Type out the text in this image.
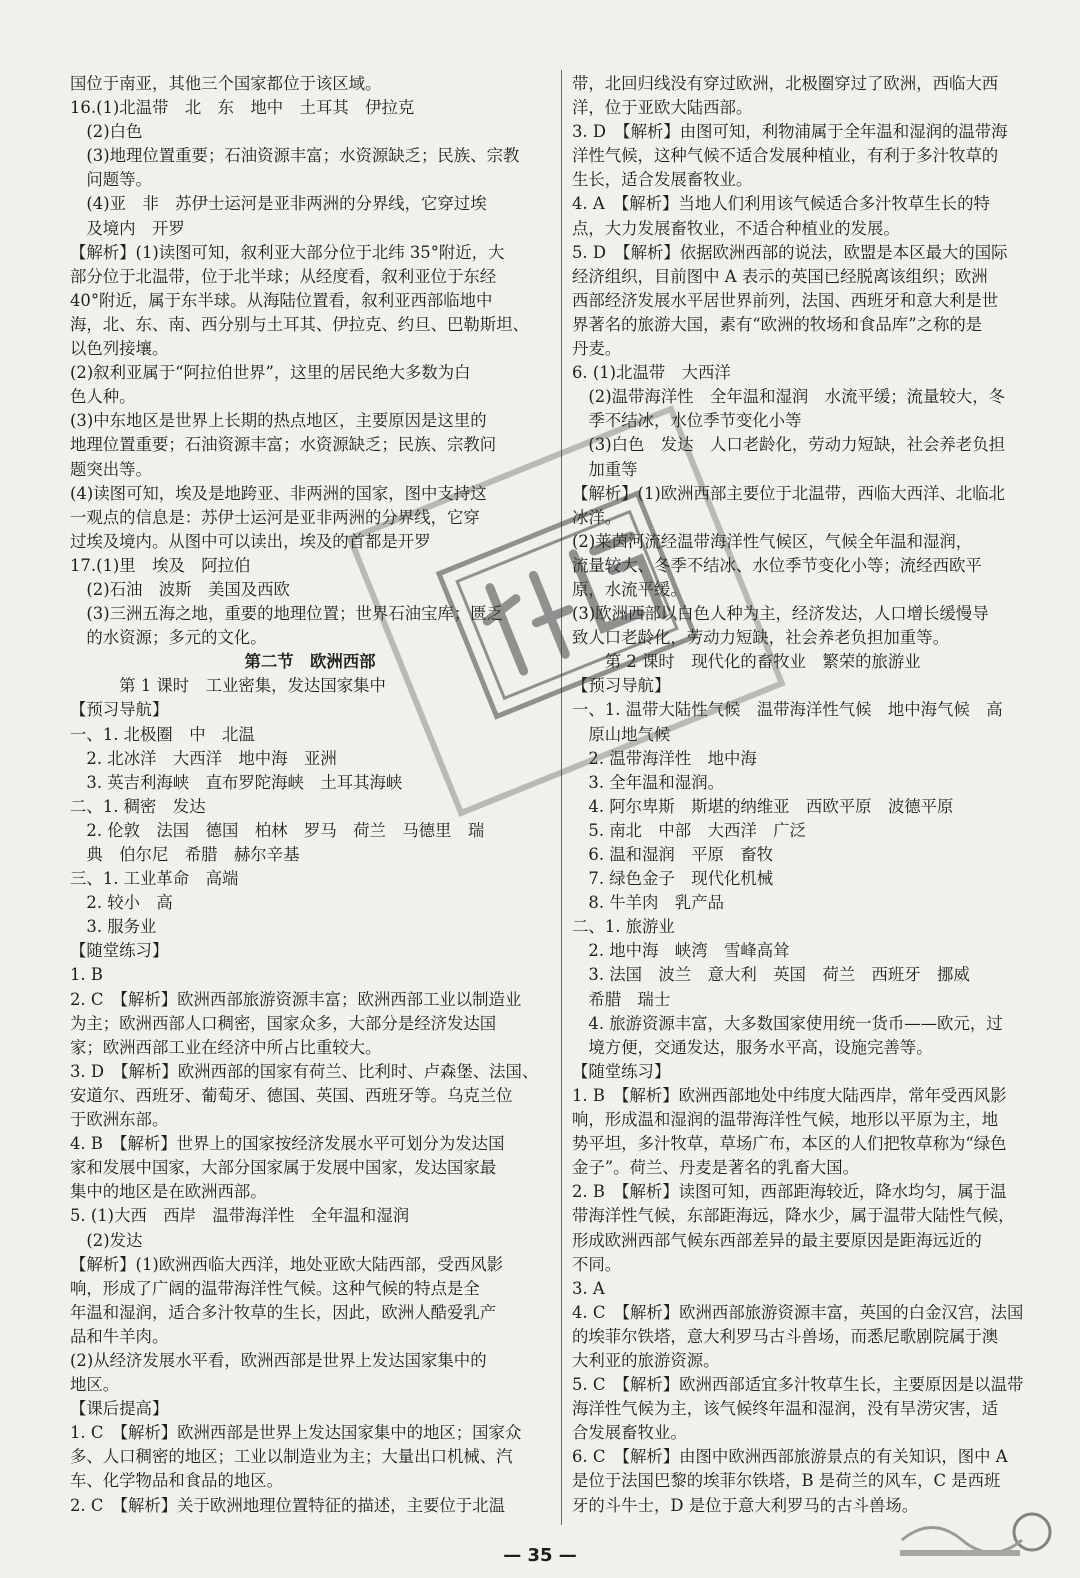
国位于南亚，其他三个国家都位于该区域。
16.(1)北温带　北　东　地中　土耳其　伊拉克
　(2)白色
　(3)地理位置重要；石油资源丰富；水资源缺乏；民族、宗教
　问题等。
　(4)亚　非　苏伊士运河是亚非两洲的分界线，它穿过埃
　及境内　开罗
【解析】(1)读图可知，叙利亚大部分位于北纬 35°附近，大
部分位于北温带，位于北半球；从经度看，叙利亚位于东经
40°附近，属于东半球。从海陆位置看，叙利亚西部临地中
海，北、东、南、西分别与土耳其、伊拉克、约旦、巴勒斯坦、
以色列接壤。
(2)叙利亚属于“阿拉伯世界”，这里的居民绝大多数为白
色人种。
(3)中东地区是世界上长期的热点地区，主要原因是这里的
地理位置重要；石油资源丰富；水资源缺乏；民族、宗教问
题突出等。
(4)读图可知，埃及是地跨亚、非两洲的国家，图中支持这
一观点的信息是：苏伊士运河是亚非两洲的分界线，它穿
过埃及境内。从图中可以读出，埃及的首都是开罗
17.(1)里　埃及　阿拉伯
　(2)石油　波斯　美国及西欧
　(3)三洲五海之地，重要的地理位置；世界石油宝库；匮乏
　的水资源；多元的文化。
第二节　欧洲西部
　　　第 1 课时　工业密集，发达国家集中
【预习导航】
一、1. 北极圈　中　北温
　2. 北冰洋　大西洋　地中海　亚洲
　3. 英吉利海峡　直布罗陀海峡　土耳其海峡
二、1. 稠密　发达
　2. 伦敦　法国　德国　柏林　罗马　荷兰　马德里　瑞
　典　伯尔尼　希腊　赫尔辛基
三、1. 工业革命　高端
　2. 较小　高
　3. 服务业
【随堂练习】
1. B
2. C　【解析】欧洲西部旅游资源丰富；欧洲西部工业以制造业
为主；欧洲西部人口稠密，国家众多，大部分是经济发达国
家；欧洲西部工业在经济中所占比重较大。
3. D　【解析】欧洲西部的国家有荷兰、比利时、卢森堡、法国、
安道尔、西班牙、葡萄牙、德国、英国、西班牙等。乌克兰位
于欧洲东部。
4. B　【解析】世界上的国家按经济发展水平可划分为发达国
家和发展中国家，大部分国家属于发展中国家，发达国家最
集中的地区是在欧洲西部。
5. (1)大西　西岸　温带海洋性　全年温和湿润
　(2)发达
【解析】(1)欧洲西临大西洋，地处亚欧大陆西部，受西风影
响，形成了广阔的温带海洋性气候。这种气候的特点是全
年温和湿润，适合多汁牧草的生长，因此，欧洲人酷爱乳产
品和牛羊肉。
(2)从经济发展水平看，欧洲西部是世界上发达国家集中的
地区。
【课后提高】
1. C　【解析】欧洲西部是世界上发达国家集中的地区；国家众
多、人口稠密的地区；工业以制造业为主；大量出口机械、汽
车、化学物品和食品的地区。
2. C　【解析】关于欧洲地理位置特征的描述，主要位于北温
带，北回归线没有穿过欧洲，北极圈穿过了欧洲，西临大西
洋，位于亚欧大陆西部。
3. D　【解析】由图可知，利物浦属于全年温和湿润的温带海
洋性气候，这种气候不适合发展种植业，有利于多汁牧草的
生长，适合发展畜牧业。
4. A　【解析】当地人们利用该气候适合多汁牧草生长的特
点，大力发展畜牧业，不适合种植业的发展。
5. D　【解析】依据欧洲西部的说法，欧盟是本区最大的国际
经济组织，目前图中 A 表示的英国已经脱离该组织；欧洲
西部经济发展水平居世界前列，法国、西班牙和意大利是世
界著名的旅游大国，素有“欧洲的牧场和食品库”之称的是
丹麦。
6. (1)北温带　大西洋
　(2)温带海洋性　全年温和湿润　水流平缓；流量较大，冬
　季不结冰，水位季节变化小等
　(3)白色　发达　人口老龄化，劳动力短缺，社会养老负担
　加重等
【解析】(1)欧洲西部主要位于北温带，西临大西洋、北临北
冰洋。
(2)莱茵河流经温带海洋性气候区，气候全年温和湿润，
流量较大、冬季不结冰、水位季节变化小等；流经西欧平
原，水流平缓。
(3)欧洲西部以白色人种为主，经济发达，人口增长缓慢导
致人口老龄化，劳动力短缺，社会养老负担加重等。
　　第 2 课时　现代化的畜牧业　繁荣的旅游业
【预习导航】
一、1. 温带大陆性气候　温带海洋性气候　地中海气候　高
　原山地气候
　2. 温带海洋性　地中海
　3. 全年温和湿润。
　4. 阿尔卑斯　斯堪的纳维亚　西欧平原　波德平原
　5. 南北　中部　大西洋　广泛
　6. 温和湿润　平原　畜牧
　7. 绿色金子　现代化机械
　8. 牛羊肉　乳产品
二、1. 旅游业
　2. 地中海　峡湾　雪峰高耸
　3. 法国　波兰　意大利　英国　荷兰　西班牙　挪威
　希腊　瑞士
　4. 旅游资源丰富，大多数国家使用统一货币——欧元，过
　境方便，交通发达，服务水平高，设施完善等。
【随堂练习】
1. B　【解析】欧洲西部地处中纬度大陆西岸，常年受西风影
响，形成温和湿润的温带海洋性气候，地形以平原为主，地
势平坦，多汁牧草，草场广布，本区的人们把牧草称为“绿色
金子”。荷兰、丹麦是著名的乳畜大国。
2. B　【解析】读图可知，西部距海较近，降水均匀，属于温
带海洋性气候，东部距海远，降水少，属于温带大陆性气候，
形成欧洲西部气候东西部差异的最主要原因是距海远近的
不同。
3. A
4. C　【解析】欧洲西部旅游资源丰富，英国的白金汉宫，法国
的埃菲尔铁塔，意大利罗马古斗兽场，而悉尼歌剧院属于澳
大利亚的旅游资源。
5. C　【解析】欧洲西部适宜多汁牧草生长，主要原因是以温带
海洋性气候为主，该气候终年温和湿润，没有旱涝灾害，适
合发展畜牧业。
6. C　【解析】由图中欧洲西部旅游景点的有关知识，图中 A
是位于法国巴黎的埃菲尔铁塔，B 是荷兰的风车，C 是西班
牙的斗牛士，D 是位于意大利罗马的古斗兽场。
— 35 —
